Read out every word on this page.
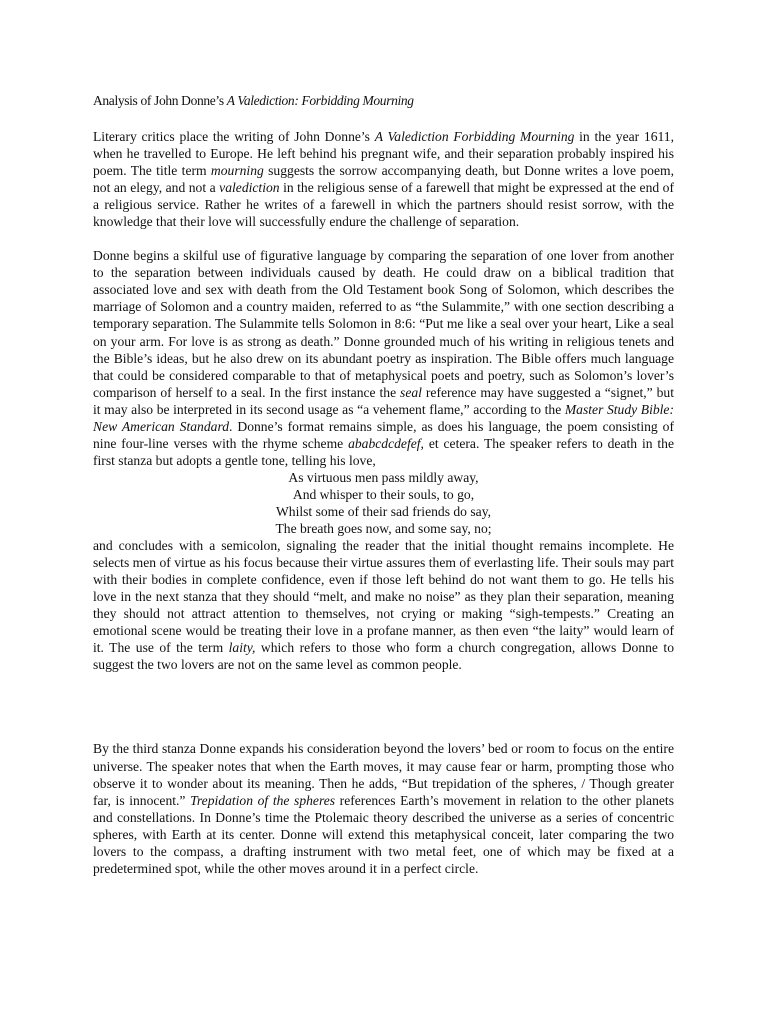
Analysis of John Donne’s A Valediction: Forbidding Mourning

Literary critics place the writing of John Donne’s A Valediction Forbidding Mourning in the year 1611, when he travelled to Europe. He left behind his pregnant wife, and their separation probably inspired his poem. The title term mourning suggests the sorrow accompanying death, but Donne writes a love poem, not an elegy, and not a valediction in the religious sense of a farewell that might be expressed at the end of a religious service. Rather he writes of a farewell in which the partners should resist sorrow, with the knowledge that their love will successfully endure the challenge of separation.

Donne begins a skilful use of figurative language by comparing the separation of one lover from another to the separation between individuals caused by death. He could draw on a biblical tradition that associated love and sex with death from the Old Testament book Song of Solomon, which describes the marriage of Solomon and a country maiden, referred to as “the Sulammite,” with one section describing a temporary separation. The Sulammite tells Solomon in 8:6: “Put me like a seal over your heart, Like a seal on your arm. For love is as strong as death.” Donne grounded much of his writing in religious tenets and the Bible’s ideas, but he also drew on its abundant poetry as inspiration. The Bible offers much language that could be considered comparable to that of metaphysical poets and poetry, such as Solomon’s lover’s comparison of herself to a seal. In the first instance the seal reference may have suggested a “signet,” but it may also be interpreted in its second usage as “a vehement flame,” according to the Master Study Bible: New American Standard. Donne’s format remains simple, as does his language, the poem consisting of nine four-line verses with the rhyme scheme ababcdcdefef, et cetera. The speaker refers to death in the first stanza but adopts a gentle tone, telling his love,

As virtuous men pass mildly away,
And whisper to their souls, to go,
Whilst some of their sad friends do say,
The breath goes now, and some say, no;

and concludes with a semicolon, signaling the reader that the initial thought remains incomplete. He selects men of virtue as his focus because their virtue assures them of everlasting life. Their souls may part with their bodies in complete confidence, even if those left behind do not want them to go. He tells his love in the next stanza that they should “melt, and make no noise” as they plan their separation, meaning they should not attract attention to themselves, not crying or making “sigh-tempests.” Creating an emotional scene would be treating their love in a profane manner, as then even “the laity” would learn of it. The use of the term laity, which refers to those who form a church congregation, allows Donne to suggest the two lovers are not on the same level as common people.

By the third stanza Donne expands his consideration beyond the lovers’ bed or room to focus on the entire universe. The speaker notes that when the Earth moves, it may cause fear or harm, prompting those who observe it to wonder about its meaning. Then he adds, “But trepidation of the spheres, / Though greater far, is innocent.” Trepidation of the spheres references Earth’s movement in relation to the other planets and constellations. In Donne’s time the Ptolemaic theory described the universe as a series of concentric spheres, with Earth at its center. Donne will extend this metaphysical conceit, later comparing the two lovers to the compass, a drafting instrument with two metal feet, one of which may be fixed at a predetermined spot, while the other moves around it in a perfect circle.
